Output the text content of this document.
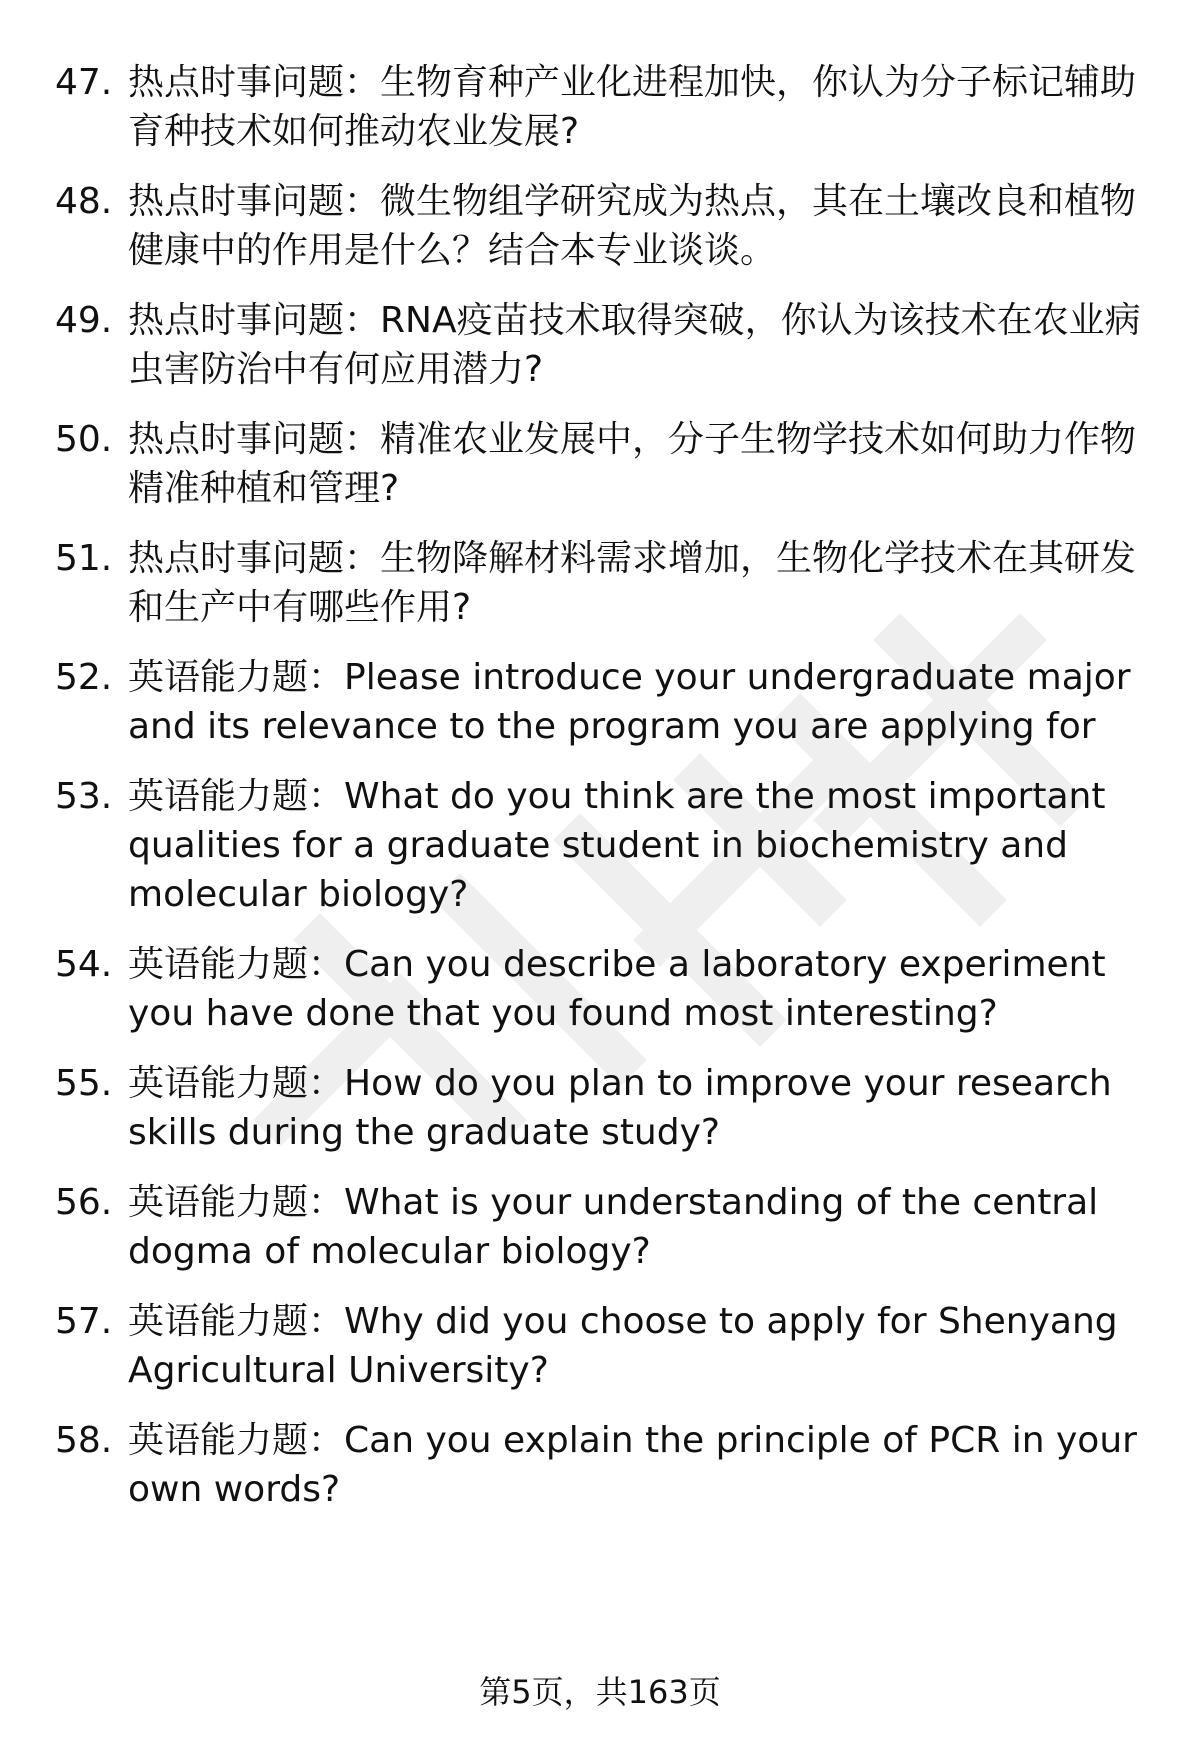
47. 热点时事问题：生物育种产业化进程加快，你认为分子标记辅助育种技术如何推动农业发展?
48. 热点时事问题：微生物组学研究成为热点，其在土壤改良和植物健康中的作用是什么？结合本专业谈谈。
49. 热点时事问题：RNA疫苗技术取得突破，你认为该技术在农业病虫害防治中有何应用潜力?
50. 热点时事问题：精准农业发展中，分子生物学技术如何助力作物精准种植和管理?
51. 热点时事问题：生物降解材料需求增加，生物化学技术在其研发和生产中有哪些作用?
52. 英语能力题：Please introduce your undergraduate major and its relevance to the program you are applying for
53. 英语能力题：What do you think are the most important qualities for a graduate student in biochemistry and molecular biology?
54. 英语能力题：Can you describe a laboratory experiment you have done that you found most interesting?
55. 英语能力题：How do you plan to improve your research skills during the graduate study?
56. 英语能力题：What is your understanding of the central dogma of molecular biology?
57. 英语能力题：Why did you choose to apply for Shenyang Agricultural University?
58. 英语能力题：Can you explain the principle of PCR in your own words?
第5页，共163页
